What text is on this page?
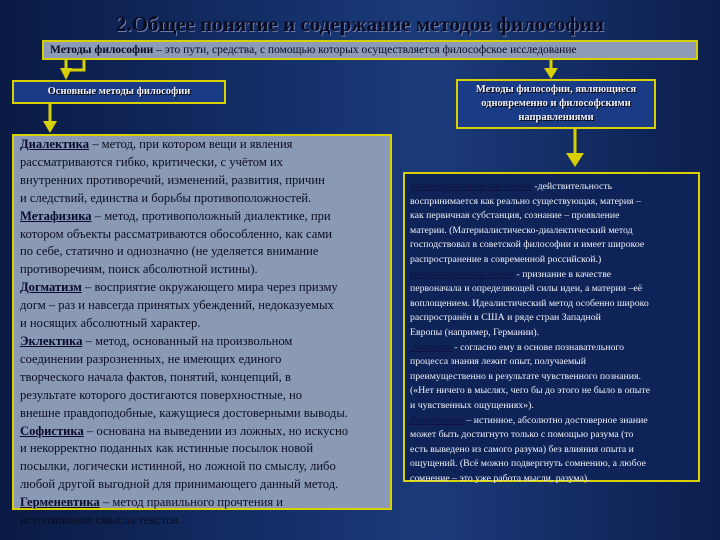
2.Общее понятие и содержание методов философии
Методы философии – это пути, средства, с помощью которых осуществляется философское исследование
Основные методы философии	Методы философии, являющиеся
одновременно и философскими
направлениями
Диалектика – метод, при котором вещи и явления
рассматриваются гибко, критически, с учётом их
внутренних противоречий, изменений, развития, причин
и следствий, единства и борьбы противоположностей.
Метафизика – метод, противоположный диалектике, при
котором объекты рассматриваются обособленно, как сами
по себе, статично и однозначно (не уделяется внимание
противоречиям, поиск абсолютной истины).
Догматизм – восприятие окружающего мира через призму
догм – раз и навсегда принятых убеждений, недоказуемых
и носящих абсолютный характер.
Эклектика – метод, основанный на произвольном
соединении разрозненных, не имеющих единого
творческого начала фактов, понятий, концепций, в
результате которого достигаются поверхностные, но
внешне правдоподобные, кажущиеся достоверными выводы.
Софистика – основана на выведении из ложных, но искусно
и некорректно поданных как истинные посылок новой
посылки, логически истинной, но ложной по смыслу, либо
любой другой выгодной для принимающего данный метод.
Герменевтика – метод правильного прочтения и
истолкования смысла текстов.
Материалистический метод -действительность
воспринимается как реально существующая, материя –
как первичная субстанция, сознание – проявление
материи. (Материалистическо-диалектический метод
господствовал в советской философии и имеет широкое
распространение в современной российской.)
Идеалистический метод - признание в качестве
первоначала и определяющей силы идеи, а материи –её
воплощением. Идеалистический метод особенно широко
распространён в США и ряде стран Западной
Европы (например, Германии).
Эмпиризм - согласно ему в основе познавательного
процесса знания лежит опыт, получаемый
преимущественно в результате чувственного познания.
(«Нет ничего в мыслях, чего бы до этого не было в опыте
и чувственных ощущениях»).
Рационализм – истинное, абсолютно достоверное знание
может быть достигнуто только с помощью разума (то
есть выведено из самого разума) без влияния опыта и
ощущений. (Всё можно подвергнуть сомнению, а любое
сомнение – это уже работа мысли, разума).
